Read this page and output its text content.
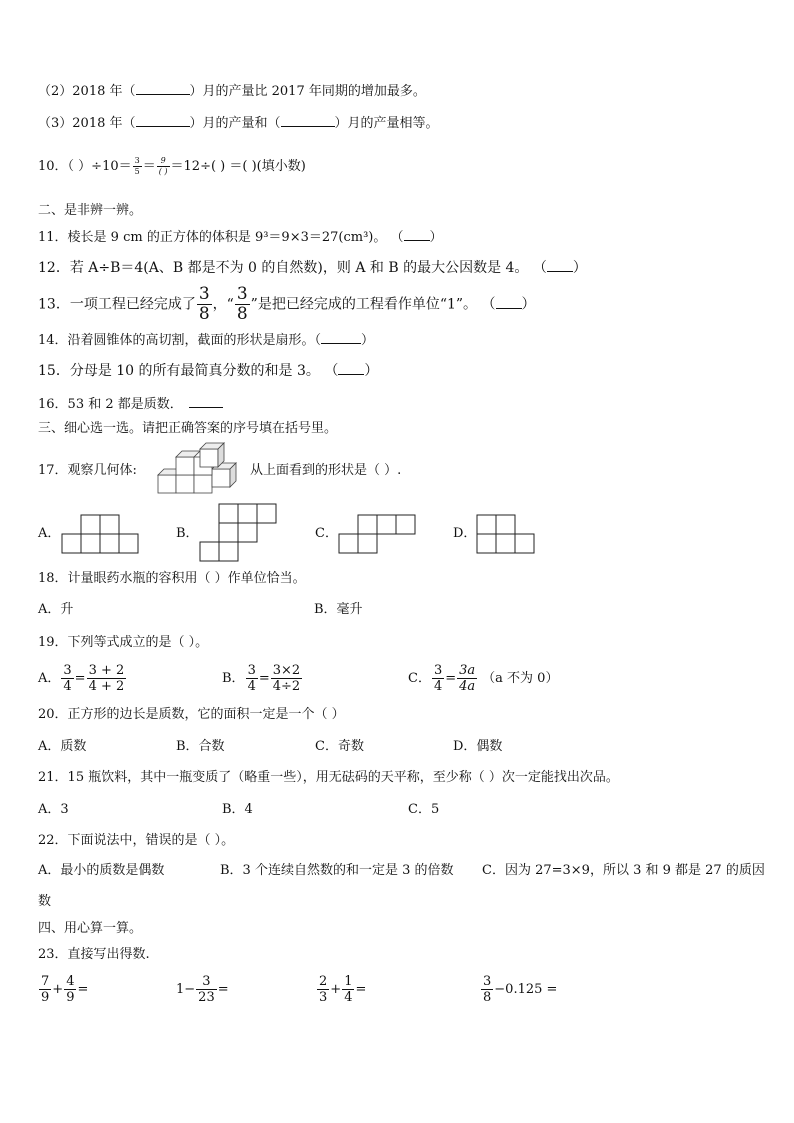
（2）2018 年（	）月的产量比 2017 年同期的增加最多。
（3）2018 年（	）月的产量和（	）月的产量相等。
10．（ ）$\div 10= \frac{3}{5} = \frac{9}{( )} =12\div$( ) ＝( )(填小数)
二、是非辨一辨。
11．棱长是 9 cm 的正方体的体积是 9³＝9×3＝27(cm³)。 （ ）
12．若 A÷B＝4(A、B 都是不为 0 的自然数)，则 A 和 B 的最大公因数是 4。 （ ）
13．一项工程已经完成了 $\frac{3}{8}$ ，“ $\frac{3}{8}$ ”是把已经完成的工程看作单位“1”。 （ ）
14．沿着圆锥体的高切割，截面的形状是扇形。（	）
15．分母是 10 的所有最简真分数的和是 3。 （ ）
16．53 和 2 都是质数．
三、细心选一选。请把正确答案的序号填在括号里。
17．观察几何体:	从上面看到的形状是（ ）.
A．	B．	C．	D．
18．计量眼药水瓶的容积用（ ）作单位恰当。
A．升	B．毫升
19．下列等式成立的是（ ）。
A． $\frac{3}{4} = \frac{3 + 2}{4 + 2}$	B． $\frac{3}{4} = \frac{3\times 2}{4\div 2}$	C． $\frac{3}{4} = \frac{3a}{4a} (a$ 不为 0）
20．正方形的边长是质数，它的面积一定是一个（ ）
A．质数	B．合数	C．奇数	D．偶数
21．15 瓶饮料，其中一瓶变质了（略重一些），用无砝码的天平称，至少称（ ）次一定能找出次品。
A．3	B．4	C．5
22．下面说法中，错误的是（ ）。
A．最小的质数是偶数	B．3 个连续自然数的和一定是 3 的倍数 C．因为 27=3×9，所以 3 和 9 都是 27 的质因
数
四、用心算一算。
23．直接写出得数.
$\frac{7}{9} + \frac{4}{9}$ =	$1- \frac{3}{23}$ =	$\frac{2}{3} + \frac{1}{4}$ =	$\frac{3}{8} -0.125$ =
